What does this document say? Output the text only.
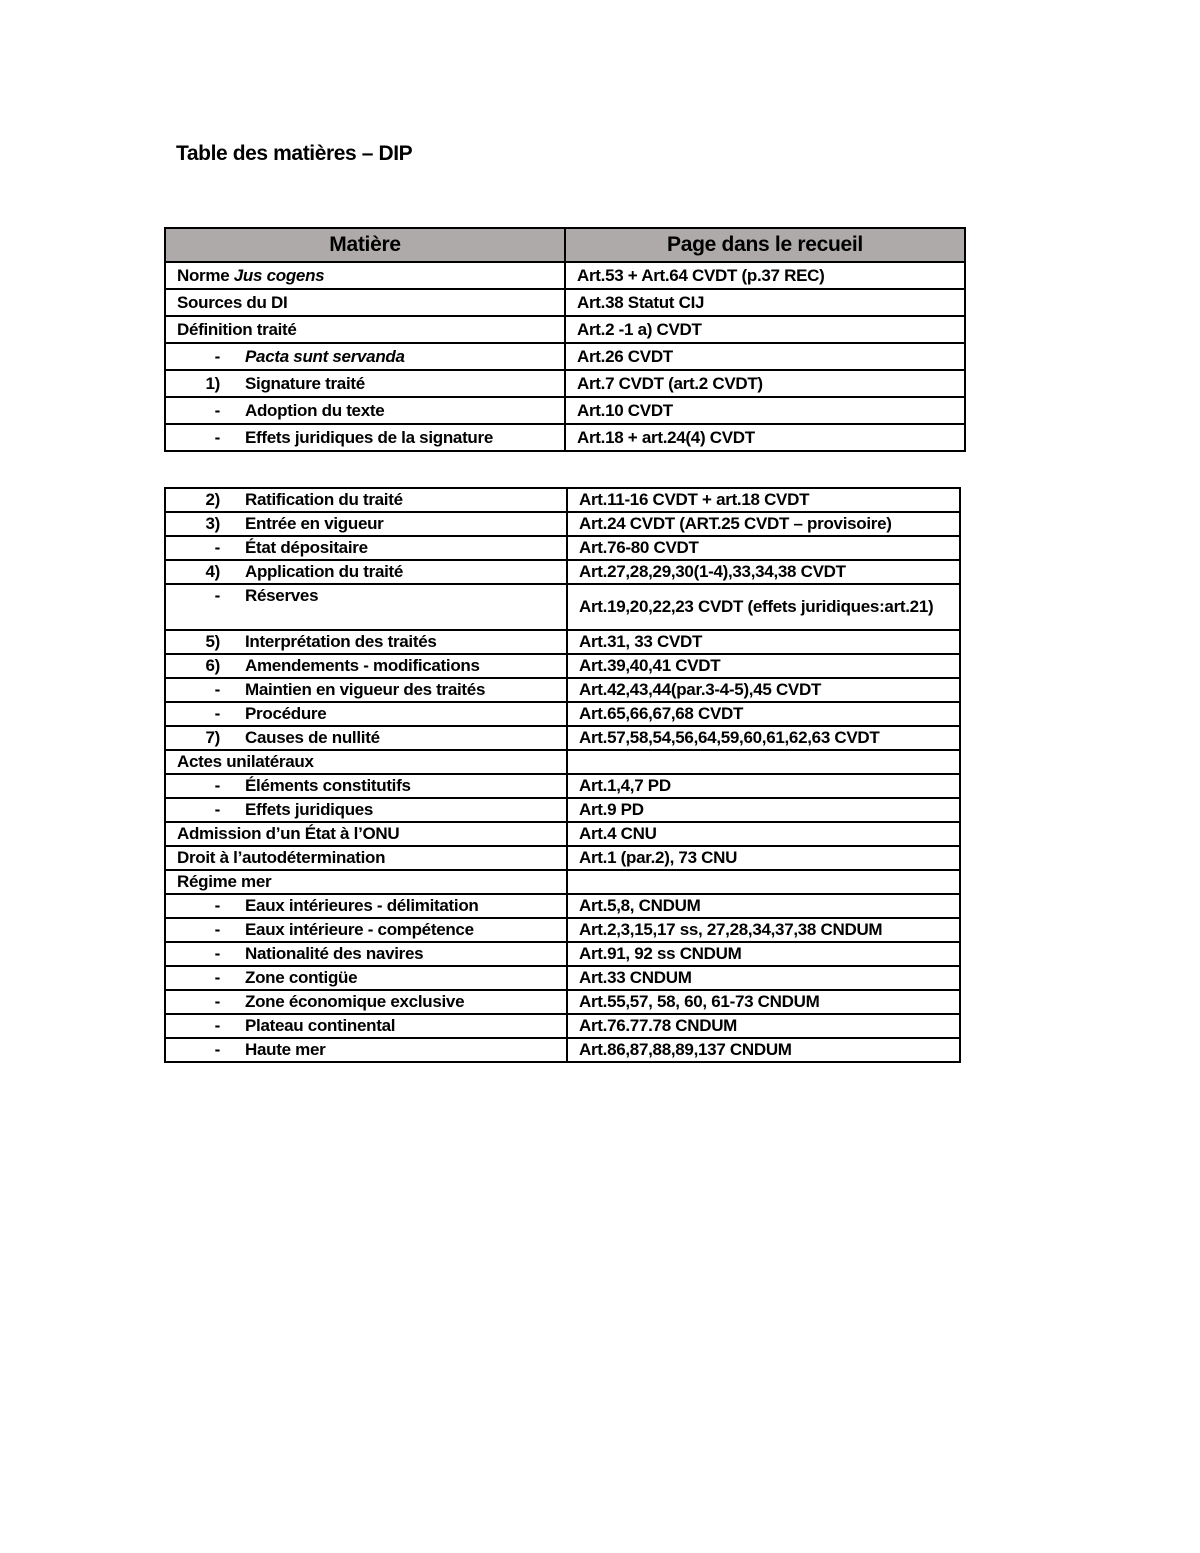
Table des matières – DIP
Matière	Page dans le recueil
Norme Jus cogens	Art.53 + Art.64 CVDT (p.37 REC)
Sources du DI	Art.38 Statut CIJ
Définition traité	Art.2 -1 a) CVDT
- Pacta sunt servanda	Art.26 CVDT
1) Signature traité	Art.7 CVDT (art.2 CVDT)
- Adoption du texte	Art.10 CVDT
- Effets juridiques de la signature	Art.18 + art.24(4) CVDT
2) Ratification du traité	Art.11-16 CVDT + art.18 CVDT
3) Entrée en vigueur	Art.24 CVDT (ART.25 CVDT – provisoire)
- État dépositaire	Art.76-80 CVDT
4) Application du traité	Art.27,28,29,30(1-4),33,34,38 CVDT
- Réserves	Art.19,20,22,23 CVDT (effets juridiques:art.21)
5) Interprétation des traités	Art.31, 33 CVDT
6) Amendements - modifications	Art.39,40,41 CVDT
- Maintien en vigueur des traités	Art.42,43,44(par.3-4-5),45 CVDT
- Procédure	Art.65,66,67,68 CVDT
7) Causes de nullité	Art.57,58,54,56,64,59,60,61,62,63 CVDT
Actes unilatéraux	
- Éléments constitutifs	Art.1,4,7 PD
- Effets juridiques	Art.9 PD
Admission d’un État à l’ONU	Art.4 CNU
Droit à l’autodétermination	Art.1 (par.2), 73 CNU
Régime mer	
- Eaux intérieures - délimitation	Art.5,8, CNDUM
- Eaux intérieure - compétence	Art.2,3,15,17 ss, 27,28,34,37,38 CNDUM
- Nationalité des navires	Art.91, 92 ss CNDUM
- Zone contigüe	Art.33 CNDUM
- Zone économique exclusive	Art.55,57, 58, 60, 61-73 CNDUM
- Plateau continental	Art.76.77.78 CNDUM
- Haute mer	Art.86,87,88,89,137 CNDUM
